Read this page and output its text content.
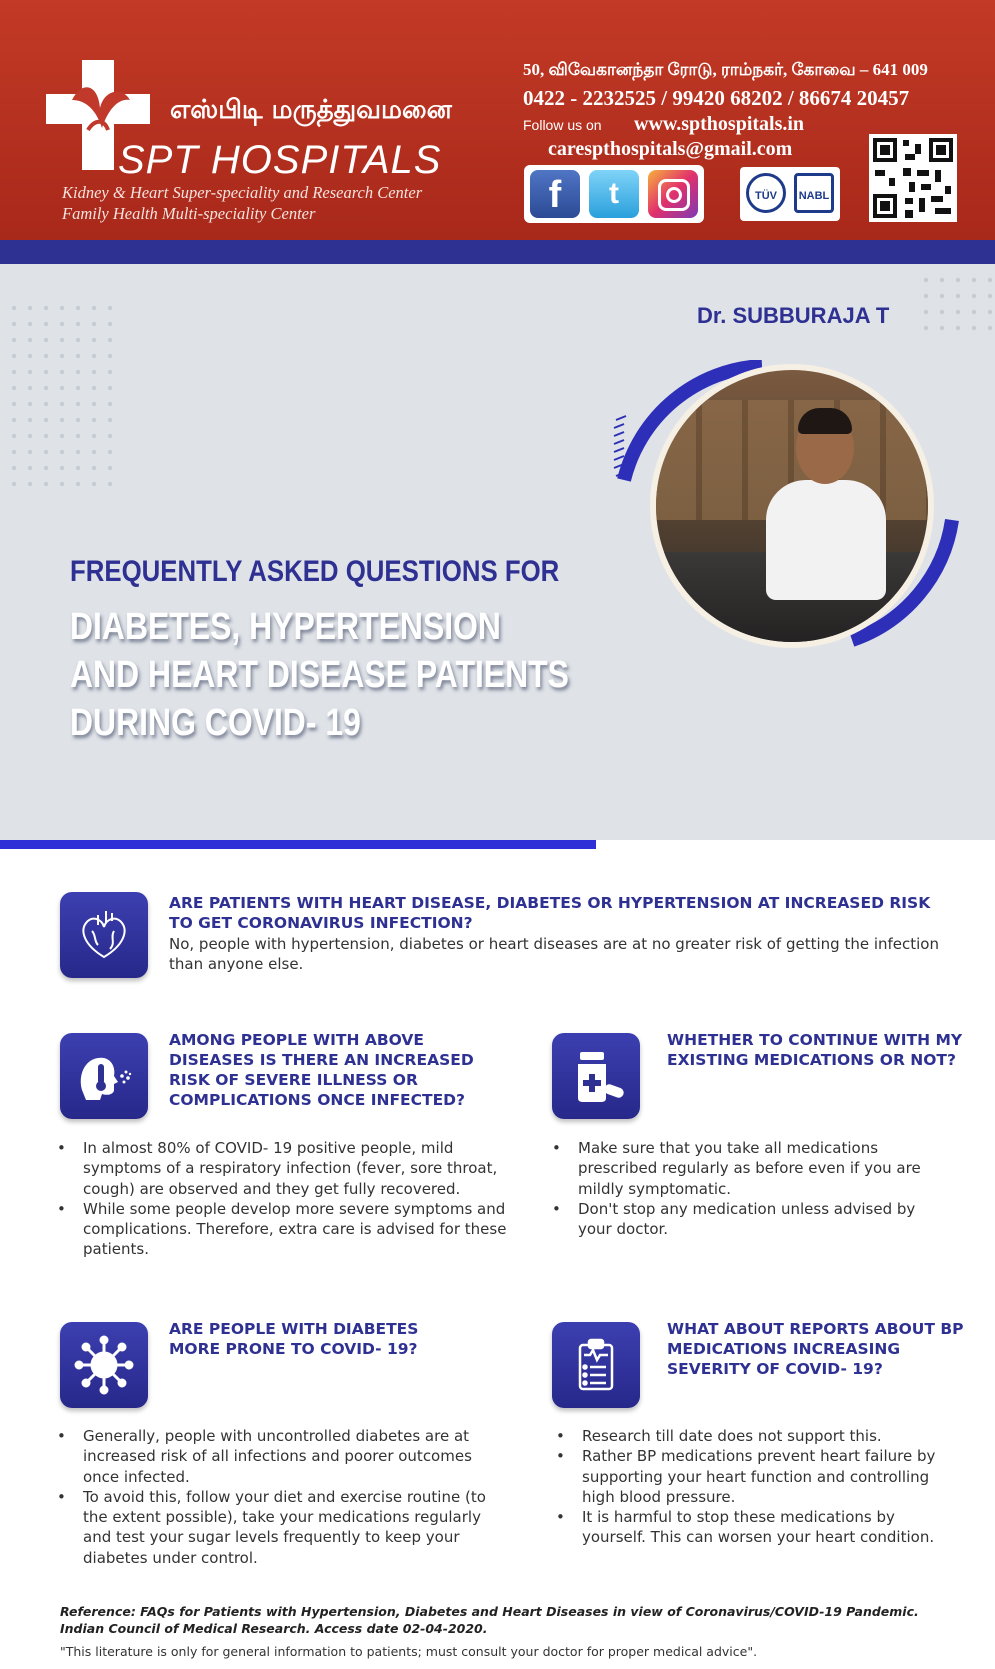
எஸ்பிடி மருத்துவமனை
SPT HOSPITALS
Kidney & Heart Super-speciality and Research Center
Family Health Multi-speciality Center
50, விவேகானந்தா ரோடு, ராம்நகர், கோவை – 641 009
0422 - 2232525 / 99420 68202 / 86674 20457
Follow us on www.spthospitals.in
carespthospitals@gmail.com
f	t	TÜV	NABL
Dr. SUBBURAJA T
FREQUENTLY ASKED QUESTIONS FOR
DIABETES, HYPERTENSION
AND HEART DISEASE PATIENTS
DURING COVID- 19
ARE PATIENTS WITH HEART DISEASE, DIABETES OR HYPERTENSION AT INCREASED RISK TO GET CORONAVIRUS INFECTION?
No, people with hypertension, diabetes or heart diseases are at no greater risk of getting the infection than anyone else.
AMONG PEOPLE WITH ABOVE DISEASES IS THERE AN INCREASED RISK OF SEVERE ILLNESS OR COMPLICATIONS ONCE INFECTED?
• In almost 80% of COVID- 19 positive people, mild symptoms of a respiratory infection (fever, sore throat, cough) are observed and they get fully recovered.
• While some people develop more severe symptoms and complications. Therefore, extra care is advised for these patients.
WHETHER TO CONTINUE WITH MY EXISTING MEDICATIONS OR NOT?
• Make sure that you take all medications prescribed regularly as before even if you are mildly symptomatic.
• Don't stop any medication unless advised by your doctor.
ARE PEOPLE WITH DIABETES MORE PRONE TO COVID- 19?
• Generally, people with uncontrolled diabetes are at increased risk of all infections and poorer outcomes once infected.
• To avoid this, follow your diet and exercise routine (to the extent possible), take your medications regularly and test your sugar levels frequently to keep your diabetes under control.
WHAT ABOUT REPORTS ABOUT BP MEDICATIONS INCREASING SEVERITY OF COVID- 19?
• Research till date does not support this.
• Rather BP medications prevent heart failure by supporting your heart function and controlling high blood pressure.
• It is harmful to stop these medications by yourself. This can worsen your heart condition.
Reference: FAQs for Patients with Hypertension, Diabetes and Heart Diseases in view of Coronavirus/COVID-19 Pandemic. Indian Council of Medical Research. Access date 02-04-2020.
"This literature is only for general information to patients; must consult your doctor for proper medical advice".
